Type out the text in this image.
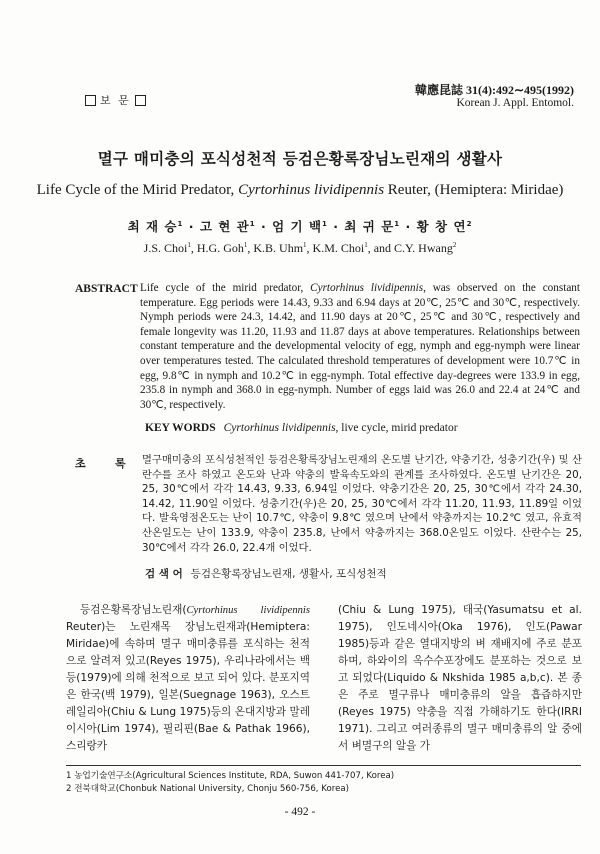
보 문
韓應昆誌 31(4):492∼495(1992)
Korean J. Appl. Entomol.
멸구 매미충의 포식성천적 등검은황록장님노린재의 생활사
Life Cycle of the Mirid Predator, Cyrtorhinus lividipennis Reuter, (Hemiptera: Miridae)
최 재 승$^1$ · 고 현 관$^1$ · 엄 기 백$^1$ · 최 귀 문$^1$ · 황 창 연$^2$
J.S. Choi$^1$, H.G. Goh$^1$, K.B. Uhm$^1$, K.M. Choi$^1$, and C.Y. Hwang$^2$
ABSTRACT Life cycle of the mirid predator, Cyrtorhinus lividipennis, was observed on the constant temperature. Egg periods were 14.43, 9.33 and 6.94 days at 20℃, 25℃ and 30℃, respectively. Nymph periods were 24.3, 14.42, and 11.90 days at 20℃, 25℃ and 30℃, respectively and female longevity was 11.20, 11.93 and 11.87 days at above temperatures. Relationships between constant temperature and the developmental velocity of egg, nymph and egg-nymph were linear over temperatures tested. The calculated threshold temperatures of development were 10.7℃ in egg, 9.8℃ in nymph and 10.2℃ in egg-nymph. Total effective day-degrees were 133.9 in egg, 235.8 in nymph and 368.0 in egg-nymph. Number of eggs laid was 26.0 and 22.4 at 24℃ and 30℃, respectively.

KEY WORDS Cyrtorhinus lividipennis, live cycle, mirid predator
초	록	멸구매미충의 포식성천적인 등검은황록장님노린재의 온도별 난기간, 약충기간, 성충기간(우) 및 산란수를 조사 하였고 온도와 난과 약충의 발육속도와의 관계를 조사하였다. 온도별 난기간은 20, 25, 30℃에서 각각 14.43, 9.33, 6.94일 이었다. 약충기간은 20, 25, 30℃에서 각각 24.30, 14.42, 11.90일 이었다. 성충기간(우)은 20, 25, 30℃에서 각각 11.20, 11.93, 11.89일 이었다. 발육영점온도는 난이 10.7℃, 약충이 9.8℃ 였으며 난에서 약충까지는 10.2℃ 였고, 유효적산온일도는 난이 133.9, 약충이 235.8, 난에서 약충까지는 368.0온일도 이었다. 산란수는 25, 30℃에서 각각 26.0, 22.4개 이었다.

검 색 어 등검은황록장님노린재, 생활사, 포식성천적

등검은황록장님노린재(Cyrtorhinus lividipennis Reuter)는 노린재목 장님노린재과(Hemiptera: Miridae)에 속하며 멸구 매미충류를 포식하는 천적으로 알려져 있고(Reyes 1975), 우리나라에서는 백 등(1979)에 의해 천적으로 보고 되어 있다. 분포지역은 한국(백 1979), 일본(Suegnage 1963), 오스트레일리아(Chiu & Lung 1975)등의 온대지방과 말레이시아(Lim 1974), 필리핀(Bae & Pathak 1966), 스리랑카

(Chiu & Lung 1975), 태국(Yasumatsu et al. 1975), 인도네시아(Oka 1976), 인도(Pawar 1985)등과 같은 열대지방의 벼 재배지에 주로 분포하며, 하와이의 옥수수포장에도 분포하는 것으로 보고 되었다(Liquido & Nkshida 1985 a,b,c). 본 종은 주로 멸구류나 매미충류의 알을 흡즙하지만(Reyes 1975) 약충을 직접 가해하기도 한다(IRRI 1971). 그리고 여러종류의 멸구 매미충류의 알 중에서 벼멸구의 알을 가

1 농업기술연구소(Agricultural Sciences Institute, RDA, Suwon 441-707, Korea)
2 전북대학교(Chonbuk National University, Chonju 560-756, Korea)
- 492 -
